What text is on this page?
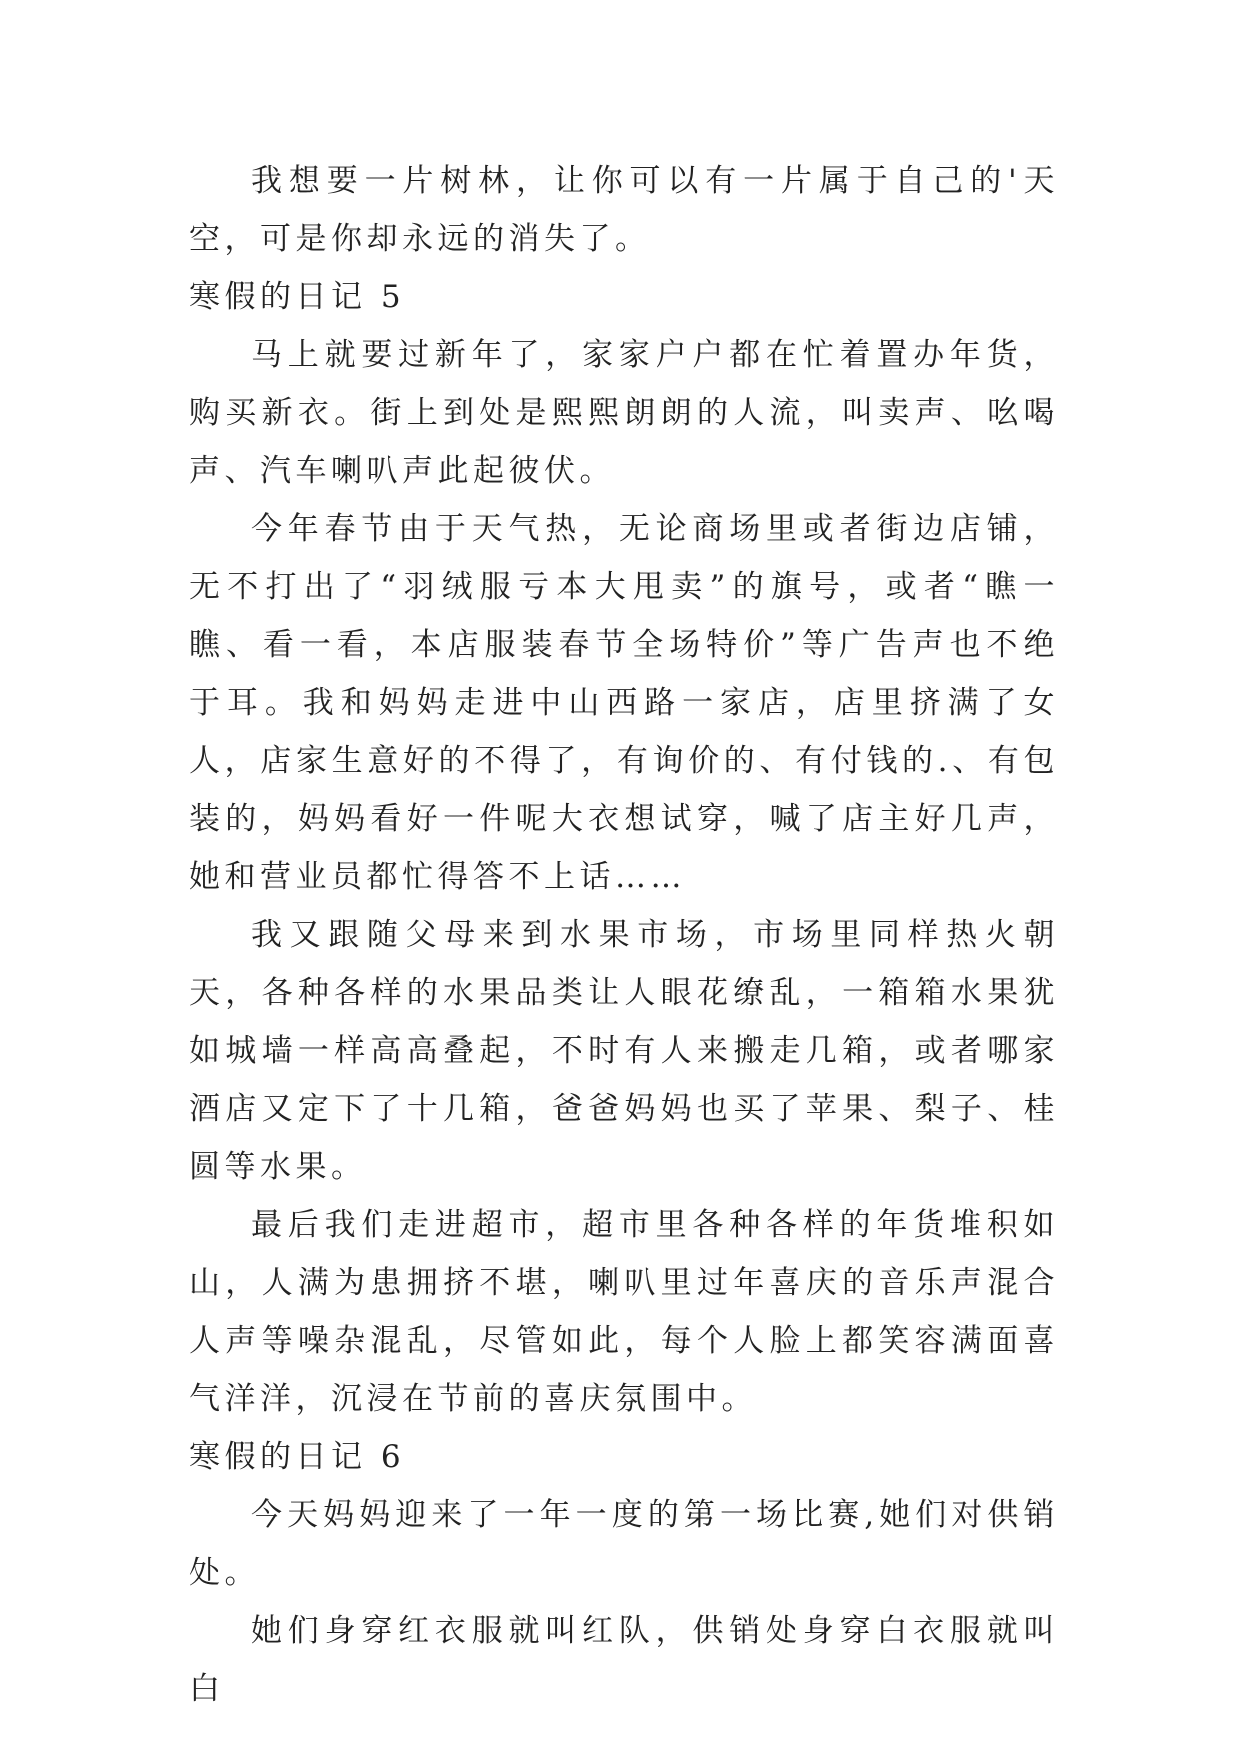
我想要一片树林，让你可以有一片属于自己的'天空，可是你却永远的消失了。

寒假的日记 5

马上就要过新年了，家家户户都在忙着置办年货，购买新衣。街上到处是熙熙朗朗的人流，叫卖声、吆喝声、汽车喇叭声此起彼伏。

今年春节由于天气热，无论商场里或者街边店铺，无不打出了“羽绒服亏本大甩卖”的旗号，或者“瞧一瞧、看一看，本店服装春节全场特价”等广告声也不绝于耳。我和妈妈走进中山西路一家店，店里挤满了女人，店家生意好的不得了，有询价的、有付钱的.、有包装的，妈妈看好一件呢大衣想试穿，喊了店主好几声，她和营业员都忙得答不上话……

我又跟随父母来到水果市场，市场里同样热火朝天，各种各样的水果品类让人眼花缭乱，一箱箱水果犹如城墙一样高高叠起，不时有人来搬走几箱，或者哪家酒店又定下了十几箱，爸爸妈妈也买了苹果、梨子、桂圆等水果。

最后我们走进超市，超市里各种各样的年货堆积如山，人满为患拥挤不堪，喇叭里过年喜庆的音乐声混合人声等噪杂混乱，尽管如此，每个人脸上都笑容满面喜气洋洋，沉浸在节前的喜庆氛围中。

寒假的日记 6

今天妈妈迎来了一年一度的第一场比赛,她们对供销处。

她们身穿红衣服就叫红队，供销处身穿白衣服就叫白
